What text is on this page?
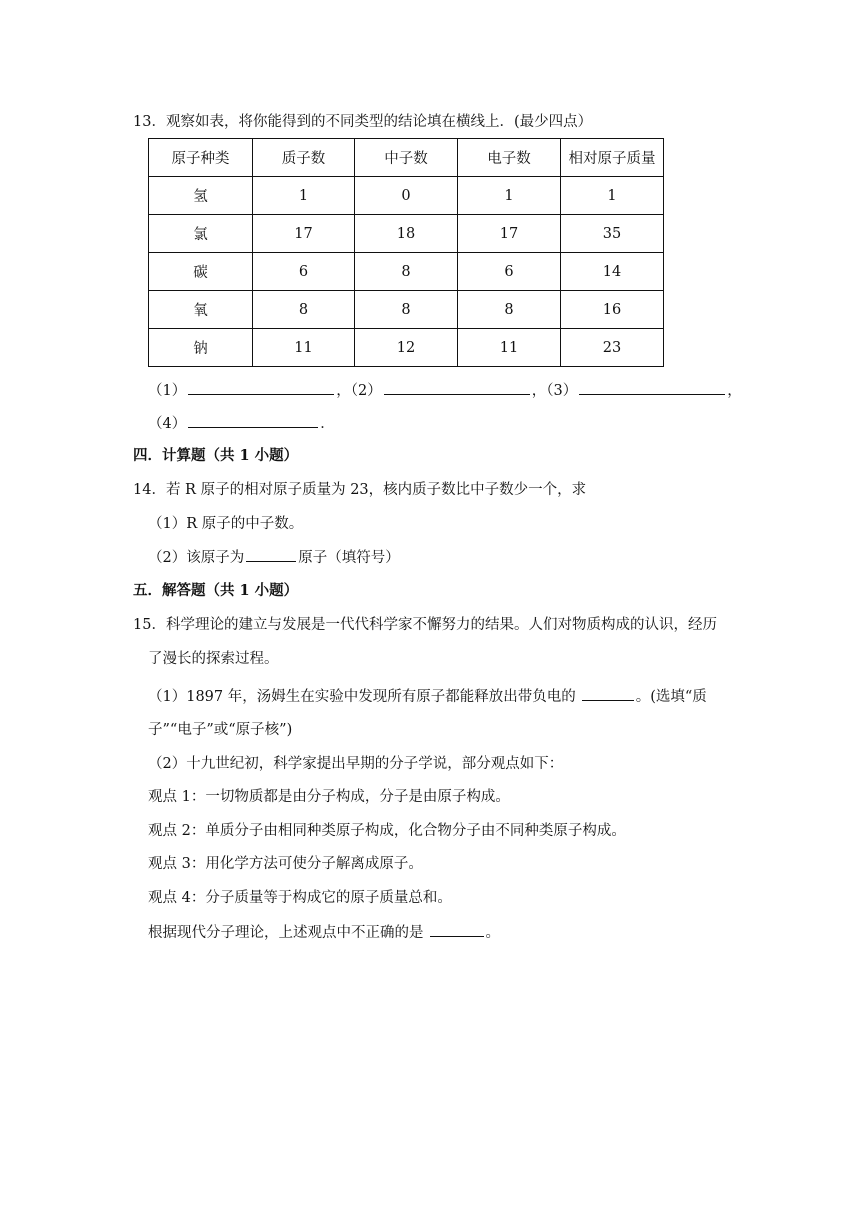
13．观察如表，将你能得到的不同类型的结论填在横线上．(最少四点）
原子种类	质子数	中子数	电子数	相对原子质量
氢	1	0	1	1
氯	17	18	17	35
碳	6	8	6	14
氧	8	8	8	16
钠	11	12	11	23
（1）	，（2）	，（3）	，
（4）	．
四．计算题（共 1 小题）
14．若 R 原子的相对原子质量为 23，核内质子数比中子数少一个，求
（1）R 原子的中子数。
（2）该原子为	原子（填符号）
五．解答题（共 1 小题）
15．科学理论的建立与发展是一代代科学家不懈努力的结果。人们对物质构成的认识，经历
了漫长的探索过程。
（1）1897 年，汤姆生在实验中发现所有原子都能释放出带负电的	。(选填“质
子”“电子”或“原子核”)
（2）十九世纪初，科学家提出早期的分子学说，部分观点如下：
观点 1：一切物质都是由分子构成，分子是由原子构成。
观点 2：单质分子由相同种类原子构成，化合物分子由不同种类原子构成。
观点 3：用化学方法可使分子解离成原子。
观点 4：分子质量等于构成它的原子质量总和。
根据现代分子理论，上述观点中不正确的是	。
